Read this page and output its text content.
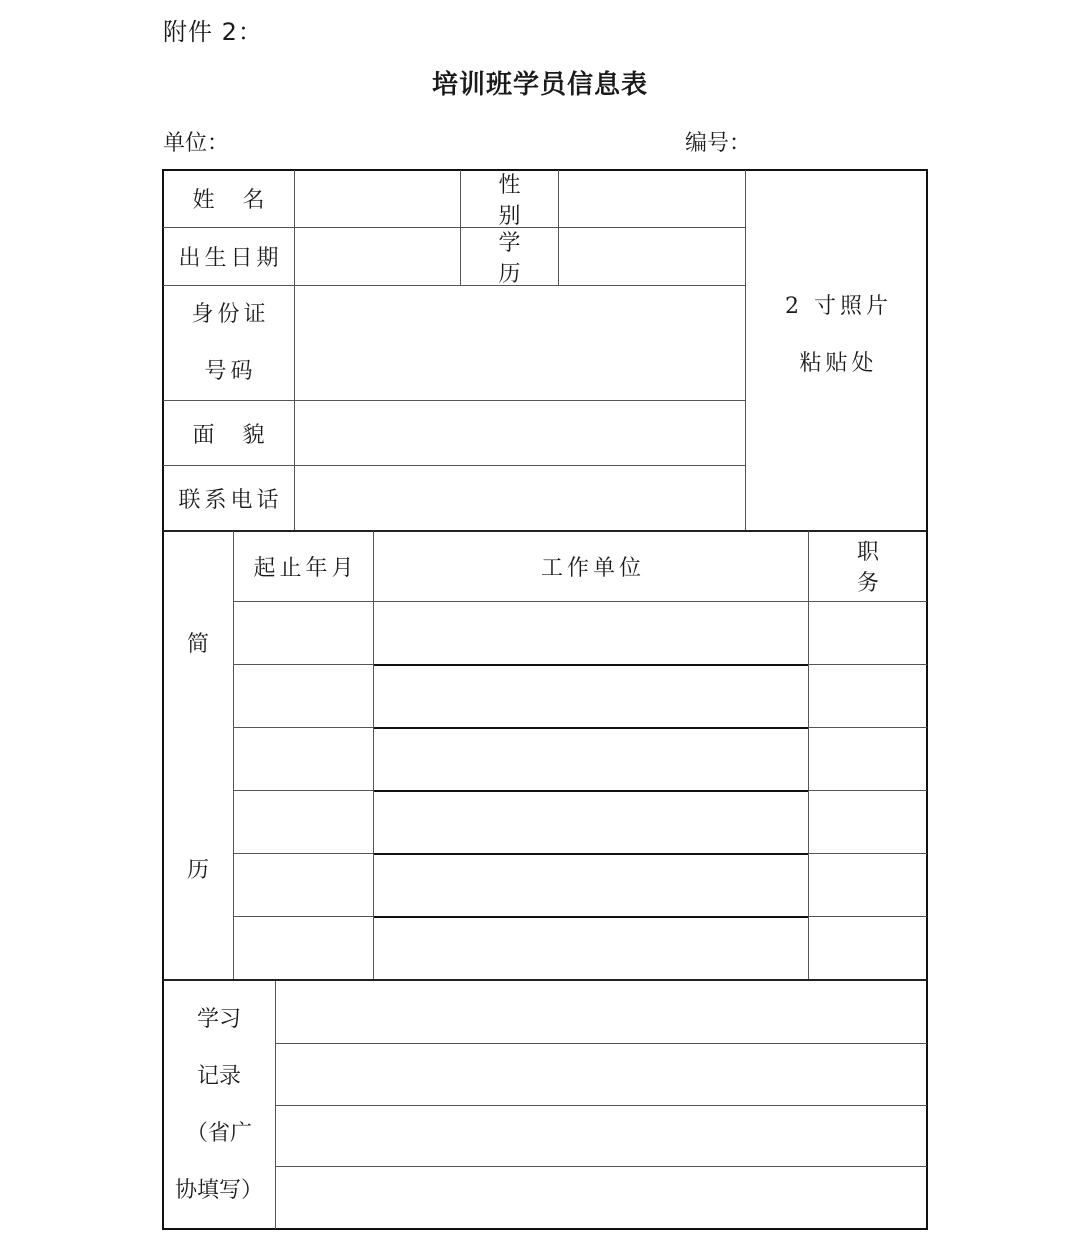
附件 2：
培训班学员信息表
单位：	编号：
姓名
性别
出生日期
学历
身份证
号码
面貌
联系电话
2 寸照片
粘贴处
简
历
起止年月	工作单位
职务
学习
记录
（省广
协填写）
